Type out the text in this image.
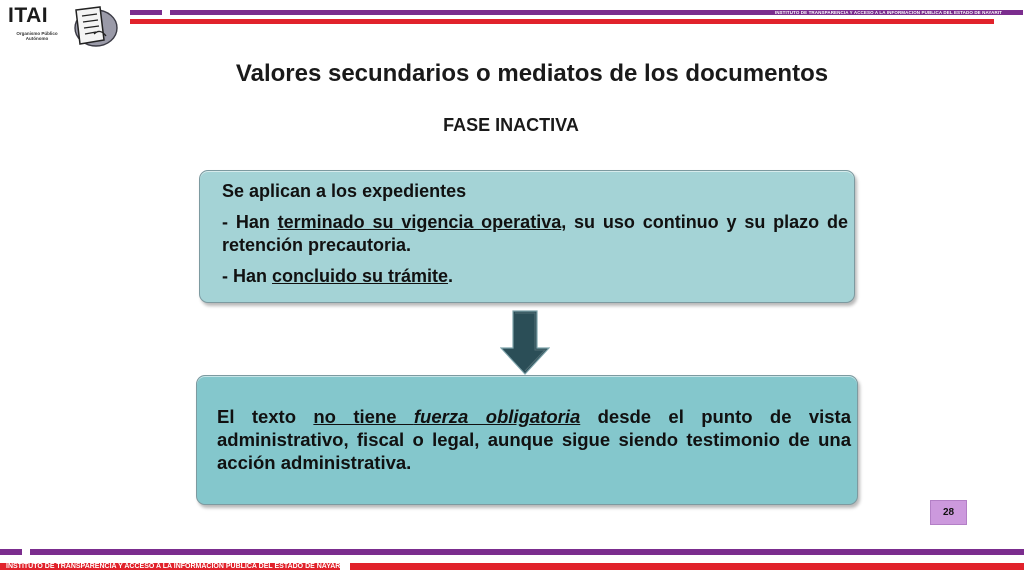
ITAI
Organismo Público Autónomo
INSTITUTO DE TRANSPARENCIA Y ACCESO A LA INFORMACION PUBLICA DEL ESTADO DE NAYARIT
Valores secundarios o mediatos de los documentos
FASE INACTIVA

Se aplican a los expedientes

- Han terminado su vigencia operativa, su uso continuo y su plazo de retención precautoria.

- Han concluido su trámite.

El texto no tiene fuerza obligatoria desde el punto de vista administrativo, fiscal o legal, aunque sigue siendo testimonio de una acción administrativa.
28
INSTITUTO DE TRANSPARENCIA Y ACCESO A LA INFORMACION PUBLICA DEL ESTADO DE NAYARIT
